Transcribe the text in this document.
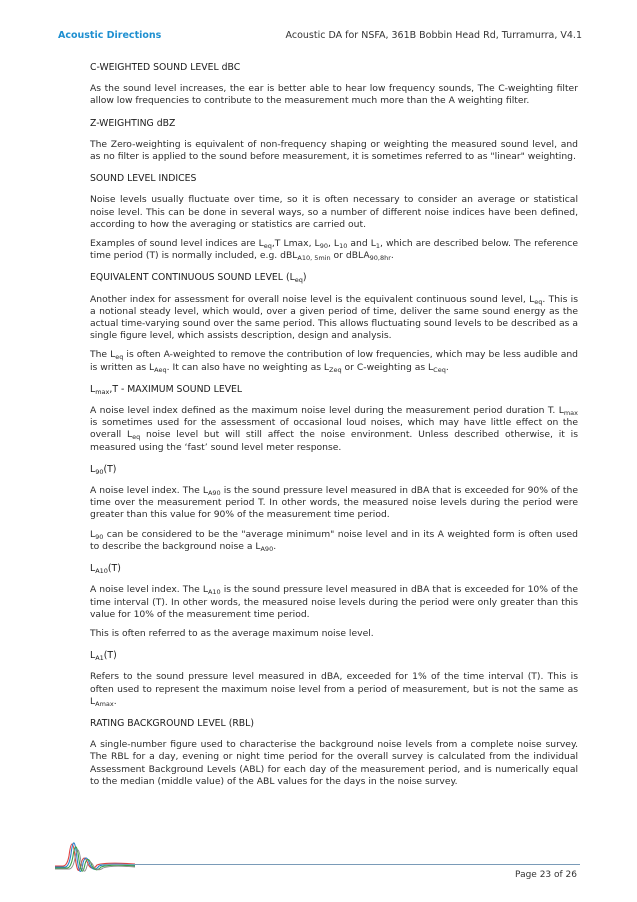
Acoustic Directions	Acoustic DA for NSFA, 361B Bobbin Head Rd, Turramurra, V4.1
C-WEIGHTED SOUND LEVEL dBC
As the sound level increases, the ear is better able to hear low frequency sounds, The C-weighting filter allow low frequencies to contribute to the measurement much more than the A weighting filter.
Z-WEIGHTING dBZ
The Zero-weighting is equivalent of non-frequency shaping or weighting the measured sound level, and as no filter is applied to the sound before measurement, it is sometimes referred to as "linear" weighting.
SOUND LEVEL INDICES
Noise levels usually fluctuate over time, so it is often necessary to consider an average or statistical noise level. This can be done in several ways, so a number of different noise indices have been defined, according to how the averaging or statistics are carried out.
Examples of sound level indices are $L_{eq},T$ Lmax, $L_{90}$, $L_{10}$ and $L_1$, which are described below. The reference time period (T) is normally included, e.g. dBL$_{A10, 5min}$ or dBLA$_{90,8hr}$.
EQUIVALENT CONTINUOUS SOUND LEVEL $(L_{eq})$
Another index for assessment for overall noise level is the equivalent continuous sound level, $L_{eq}$. This is a notional steady level, which would, over a given period of time, deliver the same sound energy as the actual time-varying sound over the same period. This allows fluctuating sound levels to be described as a single figure level, which assists description, design and analysis.
The $L_{eq}$ is often A-weighted to remove the contribution of low frequencies, which may be less audible and is written as $L_{Aeq}$. It can also have no weighting as $L_{Zeq}$ or C-weighting as $L_{Ceq}$.
$L_{max},T$ - MAXIMUM SOUND LEVEL
A noise level index defined as the maximum noise level during the measurement period duration T. $L_{max}$ is sometimes used for the assessment of occasional loud noises, which may have little effect on the overall $L_{eq}$ noise level but will still affect the noise environment. Unless described otherwise, it is measured using the ‘fast’ sound level meter response.
$L_{90}(T)$
A noise level index. The $L_{A90}$ is the sound pressure level measured in dBA that is exceeded for 90% of the time over the measurement period T. In other words, the measured noise levels during the period were greater than this value for 90% of the measurement time period.
$L_{90}$ can be considered to be the "average minimum" noise level and in its A weighted form is often used to describe the background noise a $L_{A90}$.
$L_{A10}(T)$
A noise level index. The $L_{A10}$ is the sound pressure level measured in dBA that is exceeded for 10% of the time interval (T). In other words, the measured noise levels during the period were only greater than this value for 10% of the measurement time period.
This is often referred to as the average maximum noise level.
$L_{A1}(T)$
Refers to the sound pressure level measured in dBA, exceeded for 1% of the time interval (T). This is often used to represent the maximum noise level from a period of measurement, but is not the same as $L_{Amax}$.
RATING BACKGROUND LEVEL (RBL)
A single-number figure used to characterise the background noise levels from a complete noise survey. The RBL for a day, evening or night time period for the overall survey is calculated from the individual Assessment Background Levels (ABL) for each day of the measurement period, and is numerically equal to the median (middle value) of the ABL values for the days in the noise survey.
Page 23 of 26
